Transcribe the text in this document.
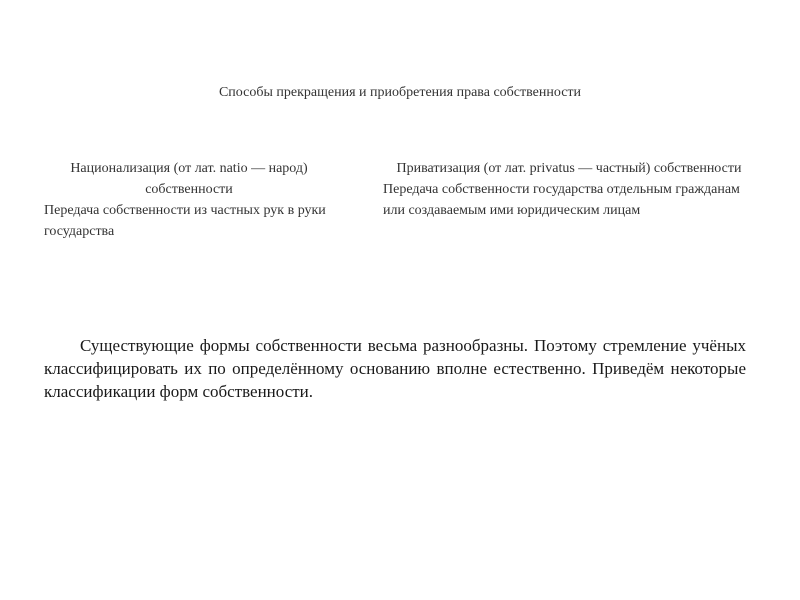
Способы прекращения и приобретения права собственности
Национализация (от лат. natio — народ) собственности
Передача собственности из частных рук в руки государства
Приватизация (от лат. privatus — частный) собственности
Передача собственности государства отдельным гражданам или создаваемым ими юридическим лицам
Существующие формы собственности весьма разнообразны. Поэтому стремление учёных классифицировать их по определённому основанию вполне естественно. Приведём некоторые классификации форм собственности.
